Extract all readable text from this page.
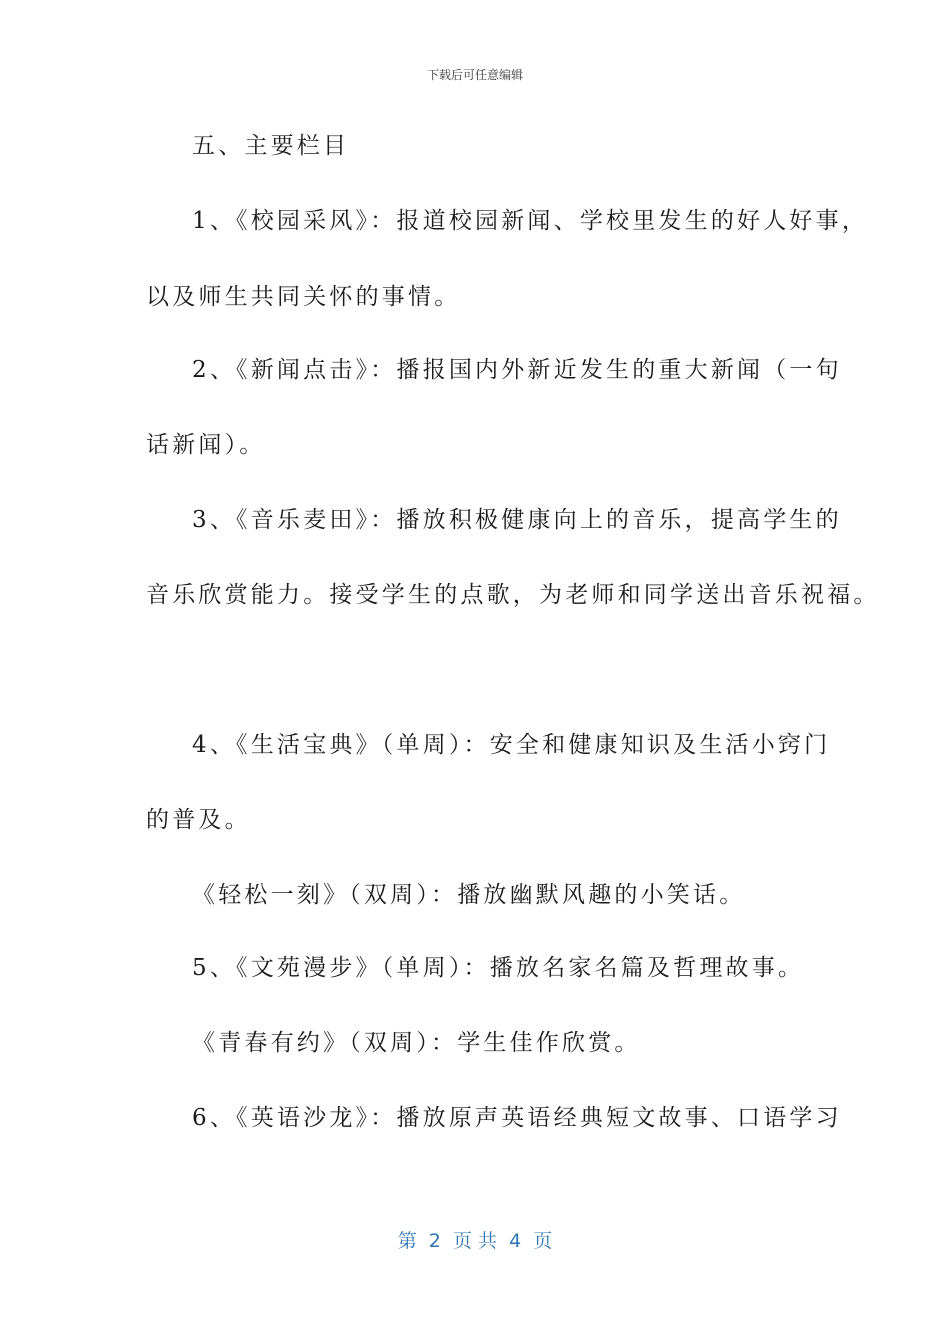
下载后可任意编辑
五、主要栏目
1、《校园采风》：报道校园新闻、学校里发生的好人好事，
以及师生共同关怀的事情。
2、《新闻点击》：播报国内外新近发生的重大新闻（一句
话新闻）。
3、《音乐麦田》：播放积极健康向上的音乐，提高学生的
音乐欣赏能力。接受学生的点歌，为老师和同学送出音乐祝福。
4、《生活宝典》（单周）：安全和健康知识及生活小窍门
的普及。
《轻松一刻》（双周）：播放幽默风趣的小笑话。
5、《文苑漫步》（单周）：播放名家名篇及哲理故事。
《青春有约》（双周）：学生佳作欣赏。
6、《英语沙龙》：播放原声英语经典短文故事、口语学习
第  2  页 共  4  页
